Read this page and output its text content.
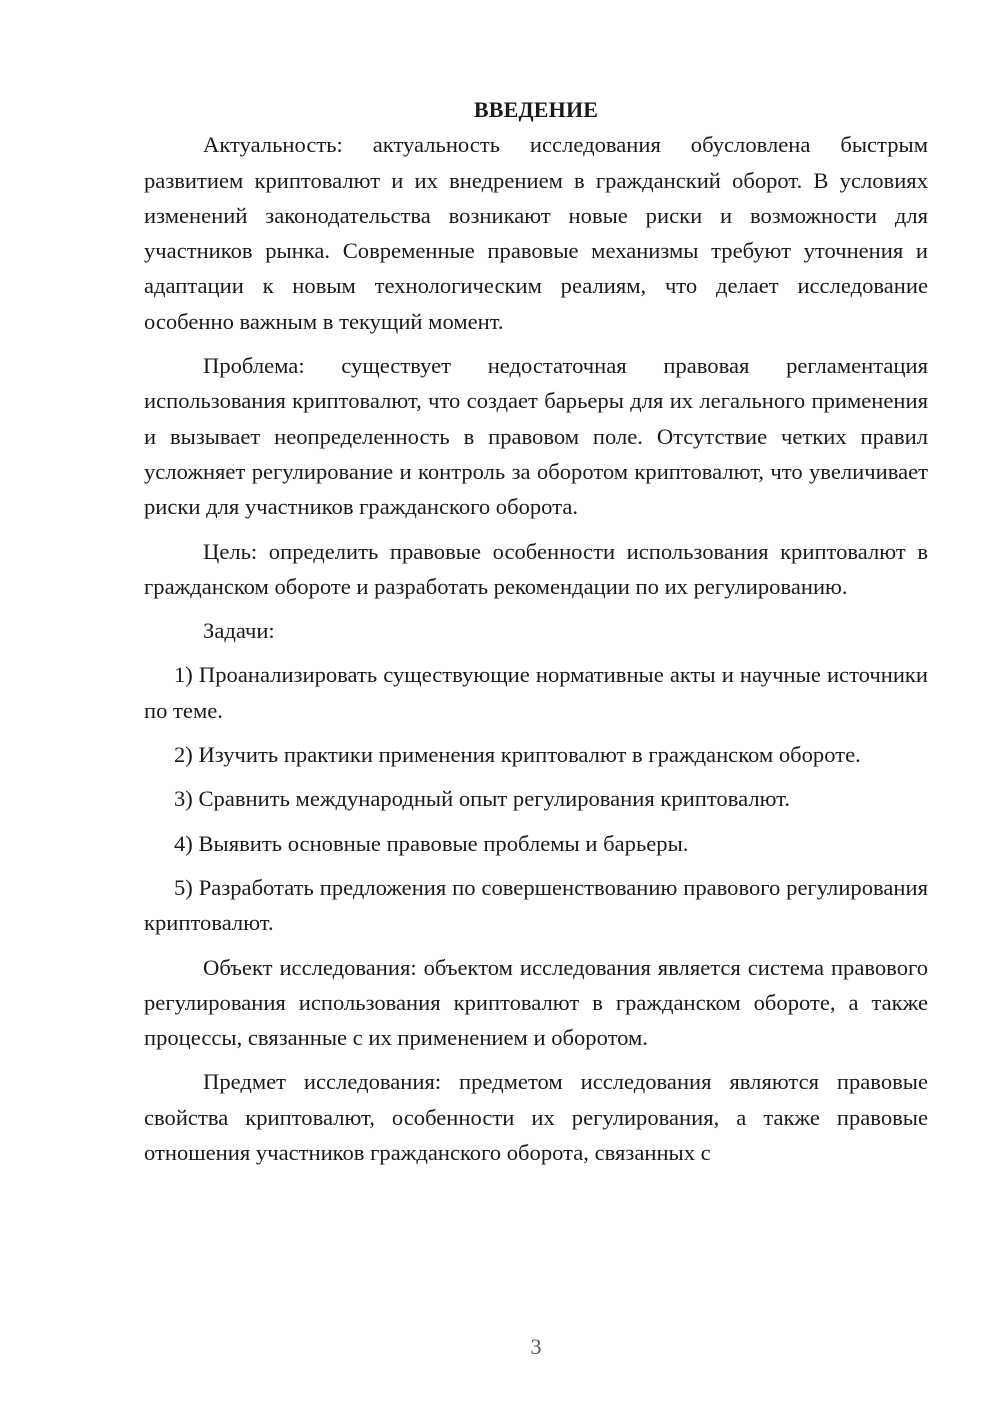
ВВЕДЕНИЕ

Актуальность: актуальность исследования обусловлена быстрым развитием криптовалют и их внедрением в гражданский оборот. В условиях изменений законодательства возникают новые риски и возможности для участников рынка. Современные правовые механизмы требуют уточнения и адаптации к новым технологическим реалиям, что делает исследование особенно важным в текущий момент.

Проблема: существует недостаточная правовая регламентация использования криптовалют, что создает барьеры для их легального применения и вызывает неопределенность в правовом поле. Отсутствие четких правил усложняет регулирование и контроль за оборотом криптовалют, что увеличивает риски для участников гражданского оборота.

Цель: определить правовые особенности использования криптовалют в гражданском обороте и разработать рекомендации по их регулированию.

Задачи:

1) Проанализировать существующие нормативные акты и научные источники по теме.

2) Изучить практики применения криптовалют в гражданском обороте.

3) Сравнить международный опыт регулирования криптовалют.

4) Выявить основные правовые проблемы и барьеры.

5) Разработать предложения по совершенствованию правового регулирования криптовалют.

Объект исследования: объектом исследования является система правового регулирования использования криптовалют в гражданском обороте, а также процессы, связанные с их применением и оборотом.

Предмет исследования: предметом исследования являются правовые свойства криптовалют, особенности их регулирования, а также правовые отношения участников гражданского оборота, связанных с

3
